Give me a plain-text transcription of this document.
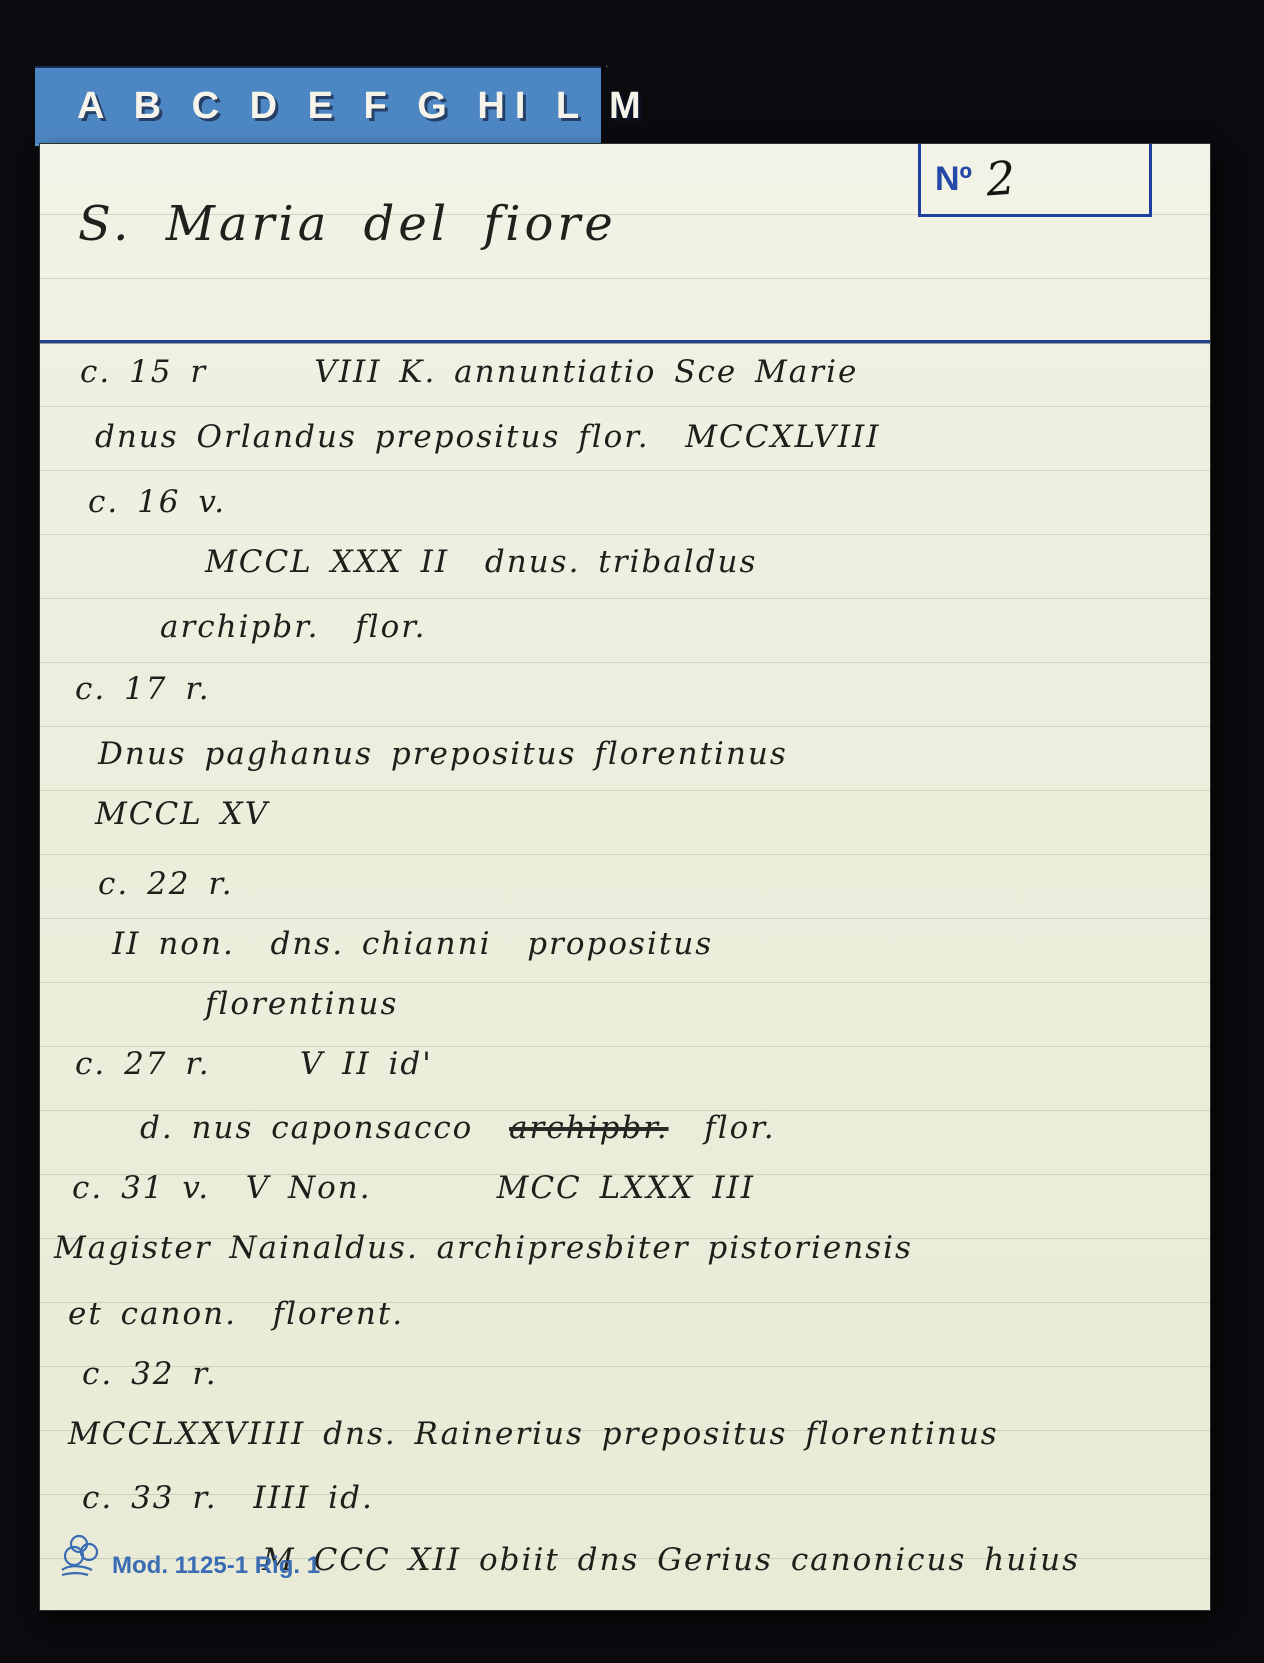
A B C D E F G HI L M
Nº 2
S. Maria del fiore
c. 15 r      VIII K. annuntiatio Sce Marie
dnus Orlandus prepositus flor.  MCCXLVIII
c. 16 v.
MCCL XXX II  dnus. tribaldus
archipbr.  flor.
c. 17 r.
Dnus paghanus prepositus florentinus
MCCL XV
c. 22 r.
II non.  dns. chianni  propositus
florentinus
c. 27 r.     V II id'
d. nus caponsacco  archipbr.  flor.
c. 31 v.  V Non.       MCC LXXX III
Magister Nainaldus. archipresbiter pistoriensis
et canon.  florent.
c. 32 r.
MCCLXXVIIII dns. Rainerius prepositus florentinus
c. 33 r.  IIII id.
M CCC XII obiit dns Gerius canonicus huius
Mod. 1125-1 Rig. 1
